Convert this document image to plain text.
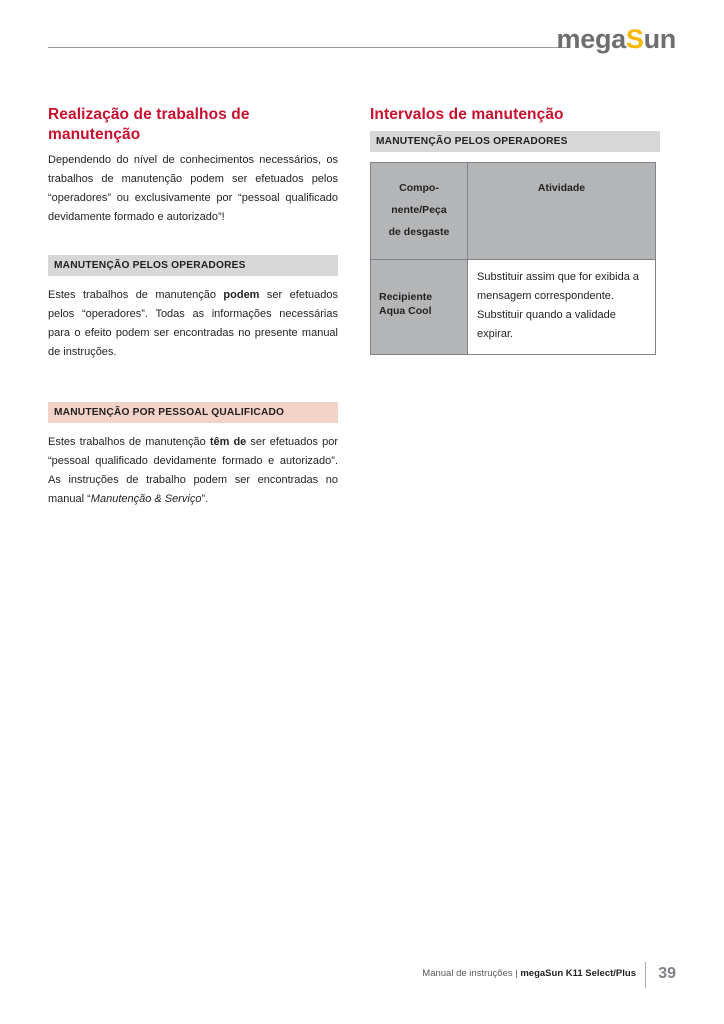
megaSun
Realização de trabalhos de manutenção

Dependendo do nível de conhecimentos necessários, os trabalhos de manutenção podem ser efetuados pelos “operadores” ou exclusivamente por “pessoal qualificado devidamente formado e autorizado”!

MANUTENÇÃO PELOS OPERADORES

Estes trabalhos de manutenção podem ser efetuados pelos “operadores”. Todas as informações necessárias para o efeito podem ser encontradas no presente manual de instruções.

MANUTENÇÃO POR PESSOAL QUALIFICADO

Estes trabalhos de manutenção têm de ser efetuados por “pessoal qualificado devidamente formado e autorizado”. As instruções de trabalho podem ser encontradas no manual “Manutenção & Serviço”.

Intervalos de manutenção
MANUTENÇÃO PELOS OPERADORES
Compo-
nente/Peça
de desgaste	Atividade

Recipiente
Aqua Cool	Substituir assim que for exibida a mensagem correspondente. Substituir quando a validade expirar.
Manual de instruções | megaSun K11 Select/Plus	39
